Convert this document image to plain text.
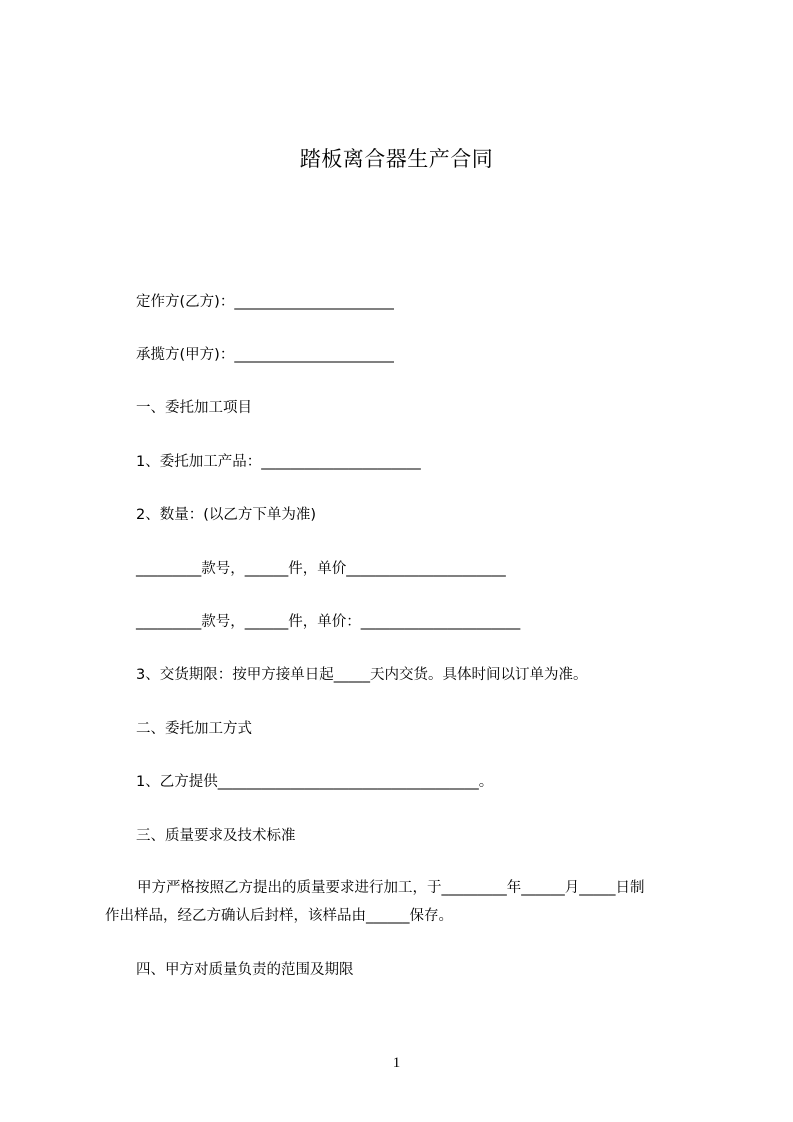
踏板离合器生产合同
定作方(乙方)：______________________
承揽方(甲方)：______________________
一、委托加工项目
1、委托加工产品：______________________
2、数量：(以乙方下单为准)
_________款号，______件，单价______________________
_________款号，______件，单价：______________________
3、交货期限：按甲方接单日起_____天内交货。具体时间以订单为准。
二、委托加工方式
1、乙方提供____________________________________。
三、质量要求及技术标准
甲方严格按照乙方提出的质量要求进行加工，于_________年______月_____日制
作出样品，经乙方确认后封样，该样品由______保存。
四、甲方对质量负责的范围及期限
1
